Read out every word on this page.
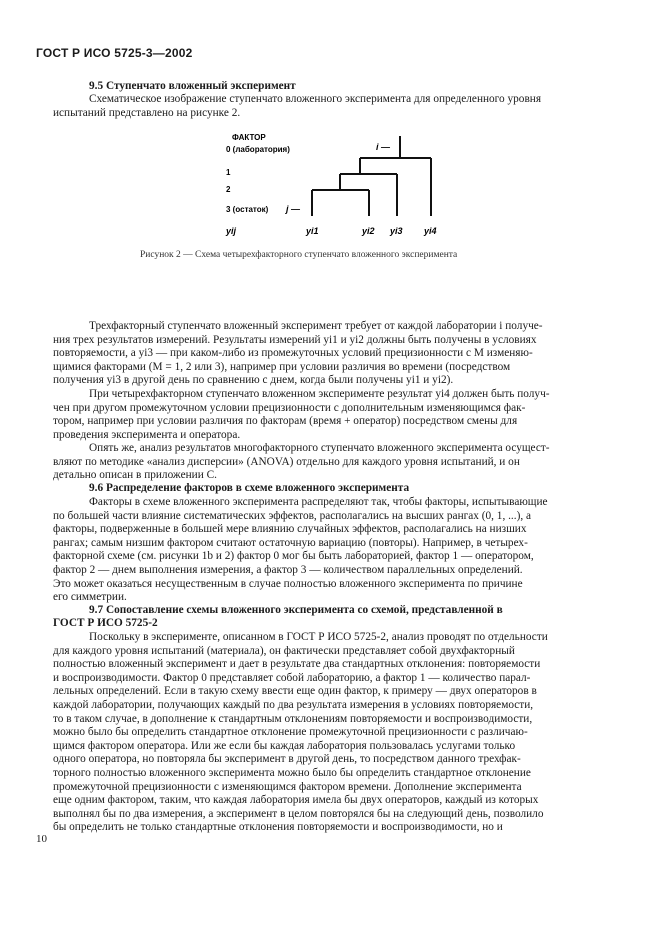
ГОСТ Р ИСО 5725-3—2002
9.5 Ступенчато вложенный эксперимент
Схематическое изображение ступенчато вложенного эксперимента для определенного уровня
испытаний представлено на рисунке 2.
ФАКТОР
0 (лаборатория)
1
2
3 (остаток)
yij
i —
j —
yi1	yi2 yi3 yi4
Рисунок 2 — Схема четырехфакторного ступенчато вложенного эксперимента
Трехфакторный ступенчато вложенный эксперимент требует от каждой лаборатории i получе-
ния трех результатов измерений. Результаты измерений yi1 и yi2 должны быть получены в условиях
повторяемости, а yi3 — при каком-либо из промежуточных условий прецизионности с M изменяю-
щимися факторами (M = 1, 2 или 3), например при условии различия во времени (посредством
получения yi3 в другой день по сравнению с днем, когда были получены yi1 и yi2).
При четырехфакторном ступенчато вложенном эксперименте результат yi4 должен быть получ-
чен при другом промежуточном условии прецизионности с дополнительным изменяющимся фак-
тором, например при условии различия по факторам (время + оператор) посредством смены для
проведения эксперимента и оператора.
Опять же, анализ результатов многофакторного ступенчато вложенного эксперимента осущест-
вляют по методике «анализ дисперсии» (ANOVA) отдельно для каждого уровня испытаний, и он
детально описан в приложении С.
9.6 Распределение факторов в схеме вложенного эксперимента
Факторы в схеме вложенного эксперимента распределяют так, чтобы факторы, испытывающие
по большей части влияние систематических эффектов, располагались на высших рангах (0, 1, ...), а
факторы, подверженные в большей мере влиянию случайных эффектов, располагались на низших
рангах; самым низшим фактором считают остаточную вариацию (повторы). Например, в четырех-
факторной схеме (см. рисунки 1b и 2) фактор 0 мог бы быть лабораторией, фактор 1 — оператором,
фактор 2 — днем выполнения измерения, а фактор 3 — количеством параллельных определений.
Это может оказаться несущественным в случае полностью вложенного эксперимента по причине
его симметрии.
9.7 Сопоставление схемы вложенного эксперимента со схемой, представленной в
ГОСТ Р ИСО 5725-2
Поскольку в эксперименте, описанном в ГОСТ Р ИСО 5725-2, анализ проводят по отдельности
для каждого уровня испытаний (материала), он фактически представляет собой двухфакторный
полностью вложенный эксперимент и дает в результате два стандартных отклонения: повторяемости
и воспроизводимости. Фактор 0 представляет собой лабораторию, а фактор 1 — количество парал-
лельных определений. Если в такую схему ввести еще один фактор, к примеру — двух операторов в
каждой лаборатории, получающих каждый по два результата измерения в условиях повторяемости,
то в таком случае, в дополнение к стандартным отклонениям повторяемости и воспроизводимости,
можно было бы определить стандартное отклонение промежуточной прецизионности с различаю-
щимся фактором оператора. Или же если бы каждая лаборатория пользовалась услугами только
одного оператора, но повторяла бы эксперимент в другой день, то посредством данного трехфак-
торного полностью вложенного эксперимента можно было бы определить стандартное отклонение
промежуточной прецизионности с изменяющимся фактором времени. Дополнение эксперимента
еще одним фактором, таким, что каждая лаборатория имела бы двух операторов, каждый из которых
выполнял бы по два измерения, а эксперимент в целом повторялся бы на следующий день, позволило
бы определить не только стандартные отклонения повторяемости и воспроизводимости, но и
10
